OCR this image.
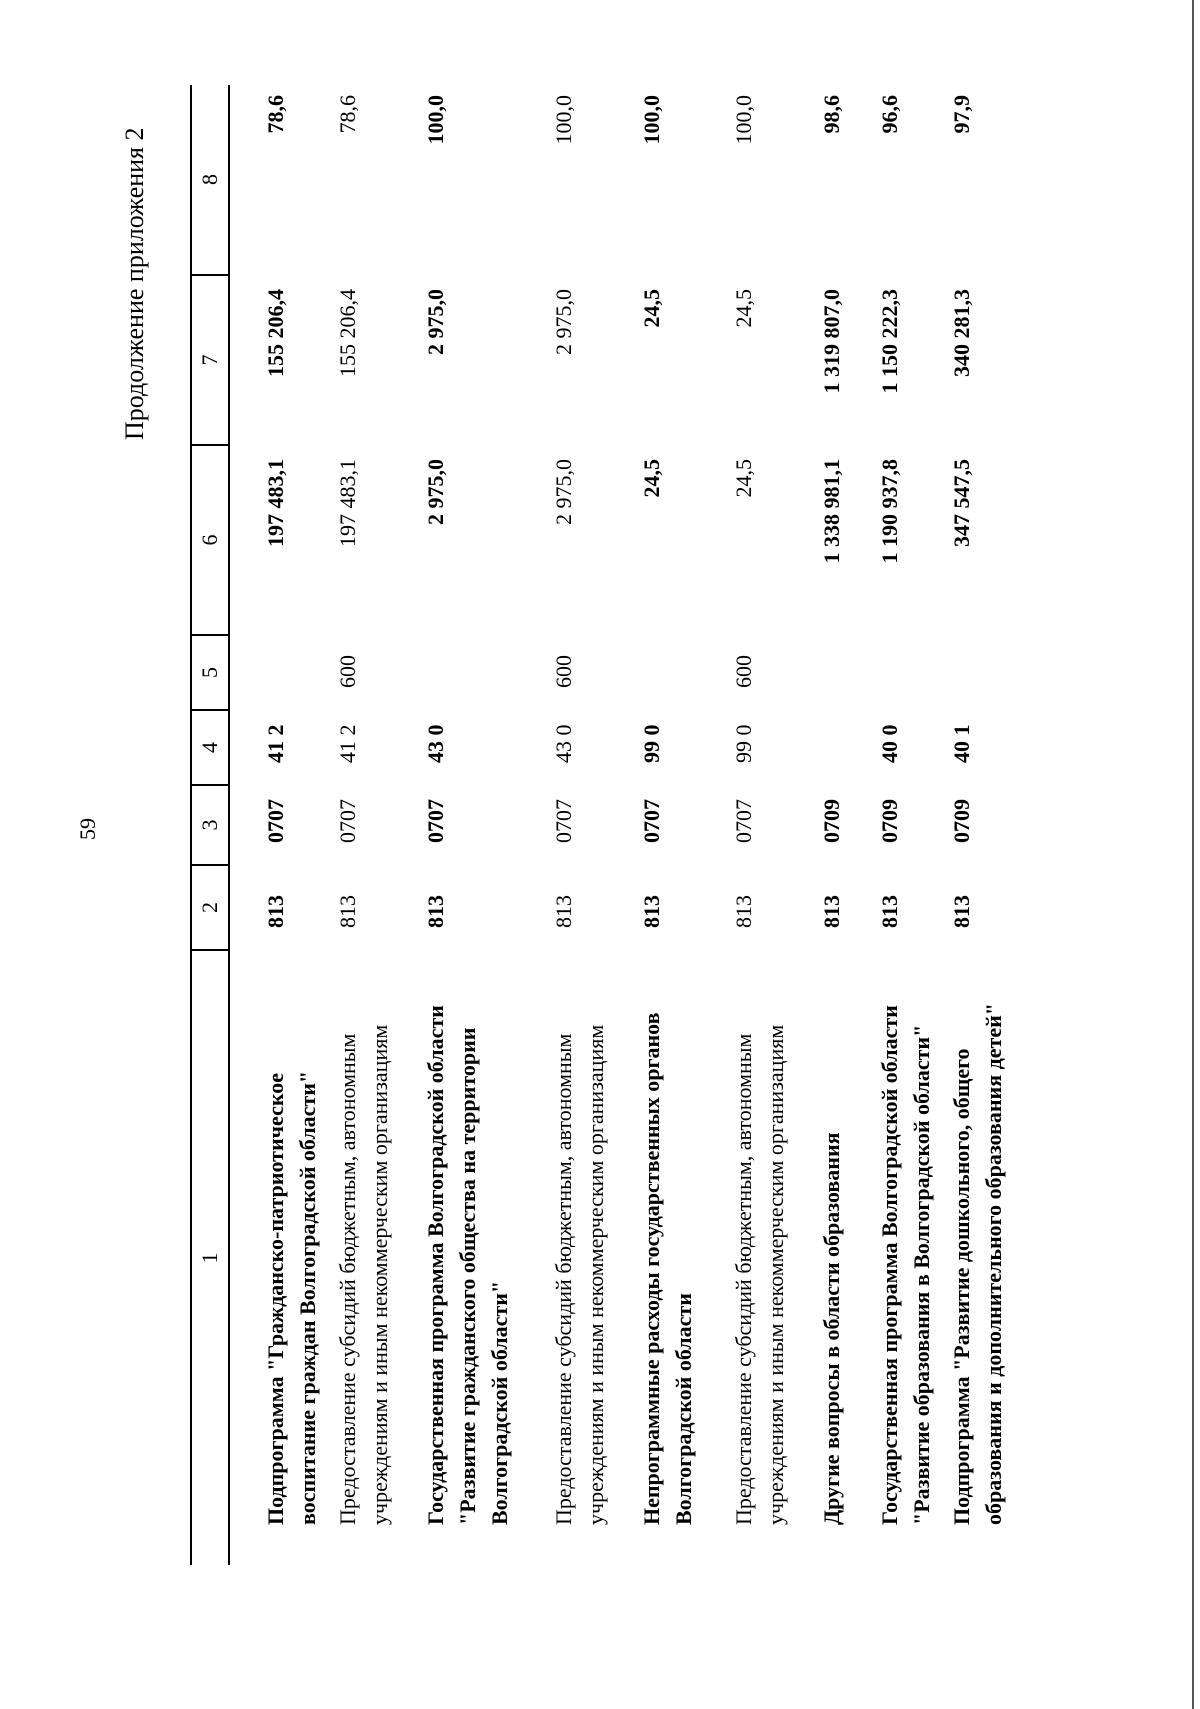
59
Продолжение приложения 2
1	2	3	4	5	6	7	8
Подпрограмма "Гражданско-патриотическое воспитание граждан Волгоградской области"	813	0707	41 2		197 483,1	155 206,4	78,6
Предоставление субсидий бюджетным, автономным учреждениям и иным некоммерческим организациям	813	0707	41 2	600	197 483,1	155 206,4	78,6
Государственная программа Волгоградской области "Развитие гражданского общества на территории Волгоградской области"	813	0707	43 0		2 975,0	2 975,0	100,0
Предоставление субсидий бюджетным, автономным учреждениям и иным некоммерческим организациям	813	0707	43 0	600	2 975,0	2 975,0	100,0
Непрограммные расходы государственных органов Волгоградской области	813	0707	99 0		24,5	24,5	100,0
Предоставление субсидий бюджетным, автономным учреждениям и иным некоммерческим организациям	813	0707	99 0	600	24,5	24,5	100,0
Другие вопросы в области образования	813	0709			1 338 981,1	1 319 807,0	98,6
Государственная программа Волгоградской области "Развитие образования в Волгоградской области"	813	0709	40 0		1 190 937,8	1 150 222,3	96,6
Подпрограмма "Развитие дошкольного, общего образования и дополнительного образования детей"	813	0709	40 1		347 547,5	340 281,3	97,9
